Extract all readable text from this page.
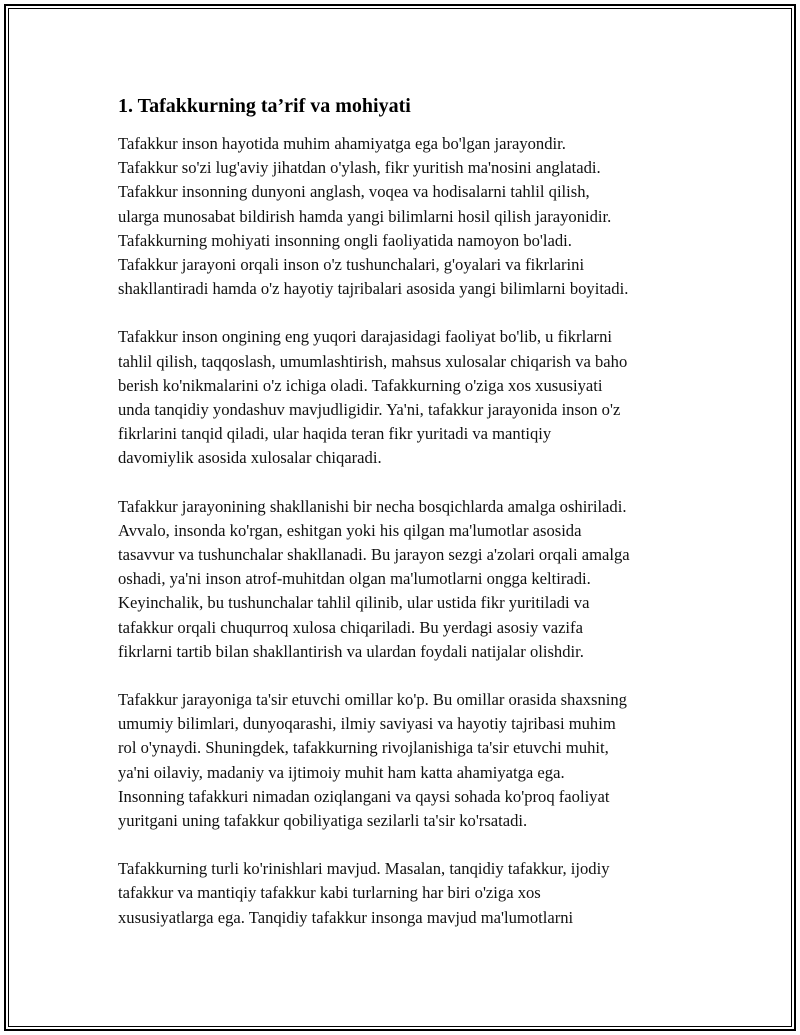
1. Tafakkurning ta’rif va mohiyati

Tafakkur inson hayotida muhim ahamiyatga ega bo'lgan jarayondir.
Tafakkur so'zi lug'aviy jihatdan o'ylash, fikr yuritish ma'nosini anglatadi.
Tafakkur insonning dunyoni anglash, voqea va hodisalarni tahlil qilish,
ularga munosabat bildirish hamda yangi bilimlarni hosil qilish jarayonidir.
Tafakkurning mohiyati insonning ongli faoliyatida namoyon bo'ladi.
Tafakkur jarayoni orqali inson o'z tushunchalari, g'oyalari va fikrlarini
shakllantiradi hamda o'z hayotiy tajribalari asosida yangi bilimlarni boyitadi.

Tafakkur inson ongining eng yuqori darajasidagi faoliyat bo'lib, u fikrlarni
tahlil qilish, taqqoslash, umumlashtirish, mahsus xulosalar chiqarish va baho
berish ko'nikmalarini o'z ichiga oladi. Tafakkurning o'ziga xos xususiyati
unda tanqidiy yondashuv mavjudligidir. Ya'ni, tafakkur jarayonida inson o'z
fikrlarini tanqid qiladi, ular haqida teran fikr yuritadi va mantiqiy
davomiylik asosida xulosalar chiqaradi.

Tafakkur jarayonining shakllanishi bir necha bosqichlarda amalga oshiriladi.
Avvalo, insonda ko'rgan, eshitgan yoki his qilgan ma'lumotlar asosida
tasavvur va tushunchalar shakllanadi. Bu jarayon sezgi a'zolari orqali amalga
oshadi, ya'ni inson atrof-muhitdan olgan ma'lumotlarni ongga keltiradi.
Keyinchalik, bu tushunchalar tahlil qilinib, ular ustida fikr yuritiladi va
tafakkur orqali chuqurroq xulosa chiqariladi. Bu yerdagi asosiy vazifa
fikrlarni tartib bilan shakllantirish va ulardan foydali natijalar olishdir.

Tafakkur jarayoniga ta'sir etuvchi omillar ko'p. Bu omillar orasida shaxsning
umumiy bilimlari, dunyoqarashi, ilmiy saviyasi va hayotiy tajribasi muhim
rol o'ynaydi. Shuningdek, tafakkurning rivojlanishiga ta'sir etuvchi muhit,
ya'ni oilaviy, madaniy va ijtimoiy muhit ham katta ahamiyatga ega.
Insonning tafakkuri nimadan oziqlangani va qaysi sohada ko'proq faoliyat
yuritgani uning tafakkur qobiliyatiga sezilarli ta'sir ko'rsatadi.

Tafakkurning turli ko'rinishlari mavjud. Masalan, tanqidiy tafakkur, ijodiy
tafakkur va mantiqiy tafakkur kabi turlarning har biri o'ziga xos
xususiyatlarga ega. Tanqidiy tafakkur insonga mavjud ma'lumotlarni
